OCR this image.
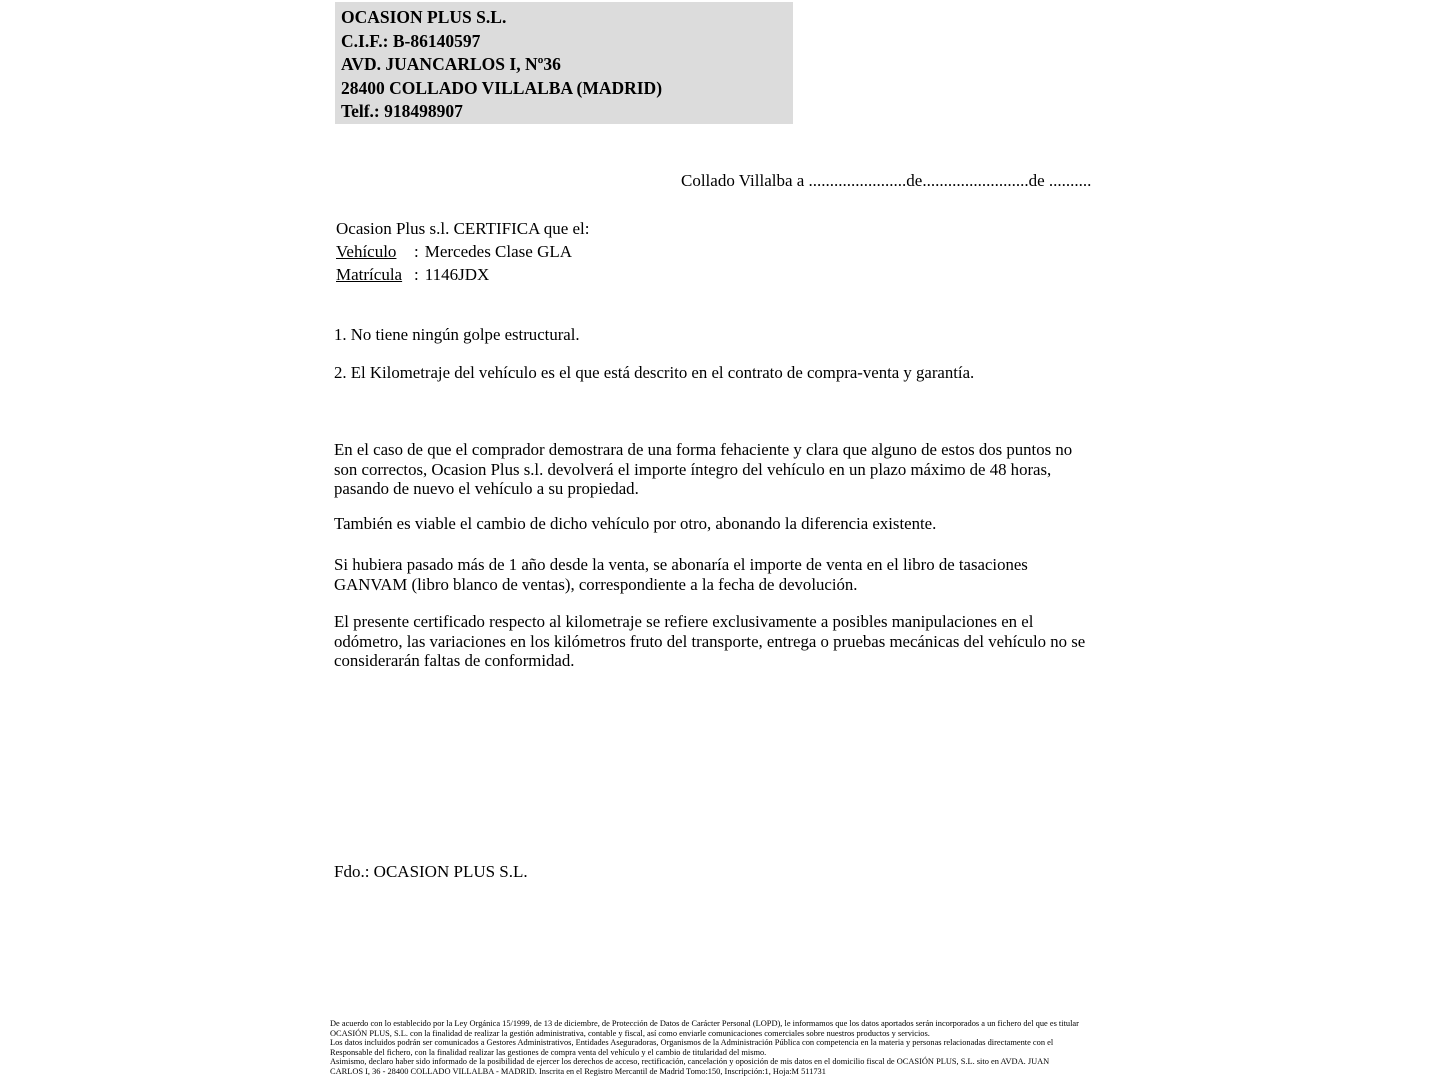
OCASION PLUS S.L.
C.I.F.: B-86140597
AVD. JUANCARLOS I, Nº36
28400 COLLADO VILLALBA (MADRID)
Telf.: 918498907
Collado Villalba a .......................de.........................de ..........
Ocasion Plus s.l. CERTIFICA que el:
Vehículo : Mercedes Clase GLA
Matrícula : 1146JDX
1. No tiene ningún golpe estructural.
2. El Kilometraje del vehículo es el que está descrito en el contrato de compra-venta y garantía.
En el caso de que el comprador demostrara de una forma fehaciente y clara que alguno de estos dos puntos no son correctos, Ocasion Plus s.l. devolverá el importe íntegro del vehículo en un plazo máximo de 48 horas, pasando de nuevo el vehículo a su propiedad.
También es viable el cambio de dicho vehículo por otro, abonando la diferencia existente.
Si hubiera pasado más de 1 año desde la venta, se abonaría el importe de venta en el libro de tasaciones GANVAM (libro blanco de ventas), correspondiente a la fecha de devolución.
El presente certificado respecto al kilometraje se refiere exclusivamente a posibles manipulaciones en el odómetro, las variaciones en los kilómetros fruto del transporte, entrega o pruebas mecánicas del vehículo no se considerarán faltas de conformidad.
Fdo.: OCASION PLUS S.L.
De acuerdo con lo establecido por la Ley Orgánica 15/1999, de 13 de diciembre, de Protección de Datos de Carácter Personal (LOPD), le informamos que los datos aportados serán incorporados a un fichero del que es titular
OCASIÓN PLUS, S.L. con la finalidad de realizar la gestión administrativa, contable y fiscal, así como enviarle comunicaciones comerciales sobre nuestros productos y servicios.
Los datos incluidos podrán ser comunicados a Gestores Administrativos, Entidades Aseguradoras, Organismos de la Administración Pública con competencia en la materia y personas relacionadas directamente con el
Responsable del fichero, con la finalidad realizar las gestiones de compra venta del vehículo y el cambio de titularidad del mismo.
Asimismo, declaro haber sido informado de la posibilidad de ejercer los derechos de acceso, rectificación, cancelación y oposición de mis datos en el domicilio fiscal de OCASIÓN PLUS, S.L. sito en AVDA. JUAN
CARLOS I, 36 - 28400 COLLADO VILLALBA - MADRID. Inscrita en el Registro Mercantil de Madrid Tomo:150, Inscripción:1, Hoja:M 511731
